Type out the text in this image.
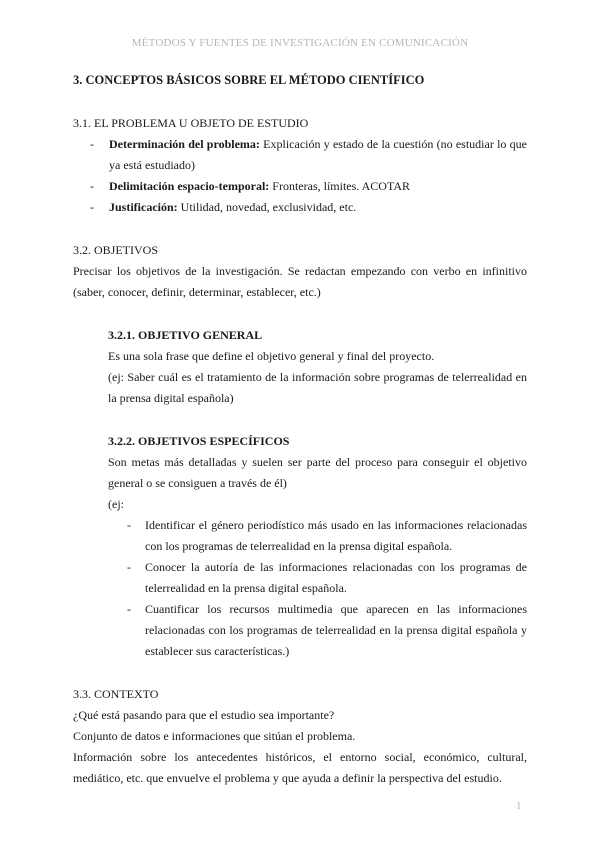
MÉTODOS Y FUENTES DE INVESTIGACIÓN EN COMUNICACIÓN

3. CONCEPTOS BÁSICOS SOBRE EL MÉTODO CIENTÍFICO

3.1. EL PROBLEMA U OBJETO DE ESTUDIO

- Determinación del problema: Explicación y estado de la cuestión (no estudiar lo que ya está estudiado)
- Delimitación espacio-temporal: Fronteras, límites. ACOTAR
- Justificación: Utilidad, novedad, exclusividad, etc.

3.2. OBJETIVOS

Precisar los objetivos de la investigación. Se redactan empezando con verbo en infinitivo (saber, conocer, definir, determinar, establecer, etc.)

3.2.1. OBJETIVO GENERAL

Es una sola frase que define el objetivo general y final del proyecto.

(ej: Saber cuál es el tratamiento de la información sobre programas de telerrealidad en la prensa digital española)

3.2.2. OBJETIVOS ESPECÍFICOS

Son metas más detalladas y suelen ser parte del proceso para conseguir el objetivo general o se consiguen a través de él)

(ej:

- Identificar el género periodístico más usado en las informaciones relacionadas con los programas de telerrealidad en la prensa digital española.
- Conocer la autoría de las informaciones relacionadas con los programas de telerrealidad en la prensa digital española.
- Cuantificar los recursos multimedia que aparecen en las informaciones relacionadas con los programas de telerrealidad en la prensa digital española y establecer sus características.)

3.3. CONTEXTO

¿Qué está pasando para que el estudio sea importante?

Conjunto de datos e informaciones que sitúan el problema.

Información sobre los antecedentes históricos, el entorno social, económico, cultural, mediático, etc. que envuelve el problema y que ayuda a definir la perspectiva del estudio.

1
